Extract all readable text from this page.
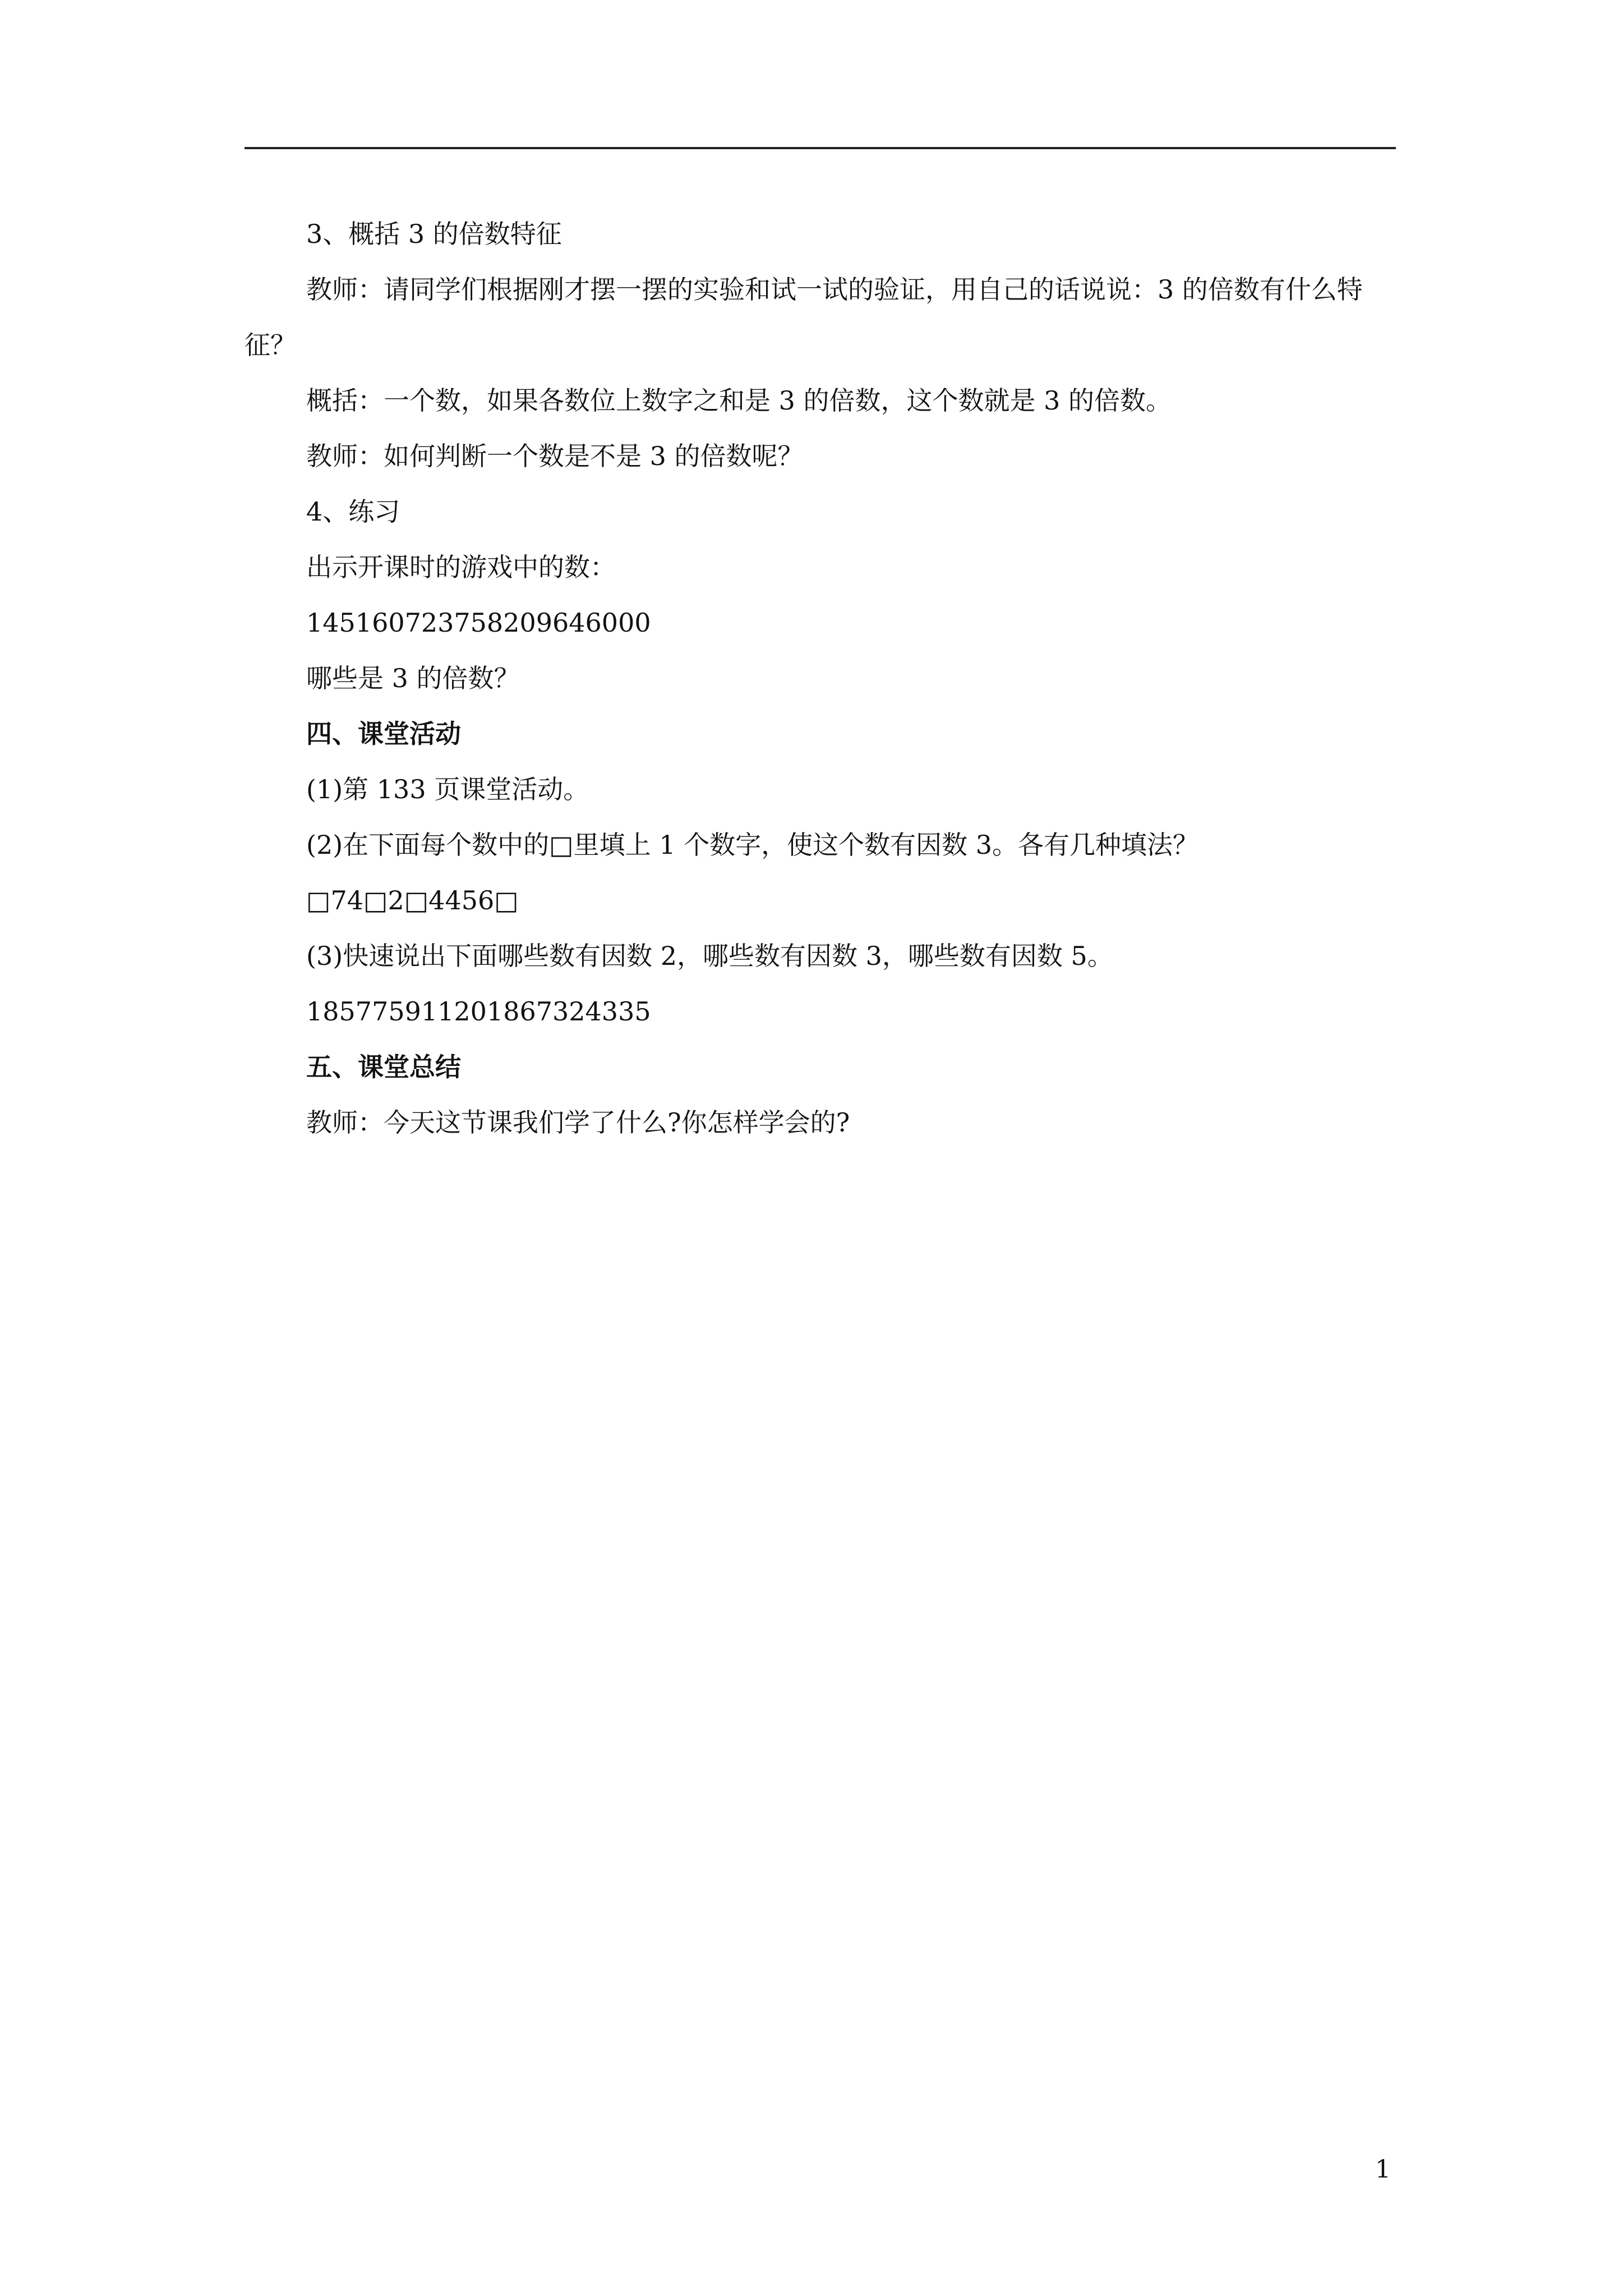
3、概括 3 的倍数特征

教师：请同学们根据刚才摆一摆的实验和试一试的验证，用自己的话说说：3 的倍数有什么特征？

概括：一个数，如果各数位上数字之和是 3 的倍数，这个数就是 3 的倍数。

教师：如何判断一个数是不是 3 的倍数呢？

4、练习

出示开课时的游戏中的数：

14516072375820964600​0

哪些是 3 的倍数？

四、课堂活动

(1)第 133 页课堂活动。

(2)在下面每个数中的□里填上 1 个数字，使这个数有因数 3。各有几种填法？

□74□2□4456□

(3)快速说出下面哪些数有因数 2，哪些数有因数 3，哪些数有因数 5。

18577591120186732433​5

五、课堂总结

教师：今天这节课我们学了什么?你怎样学会的?

1
